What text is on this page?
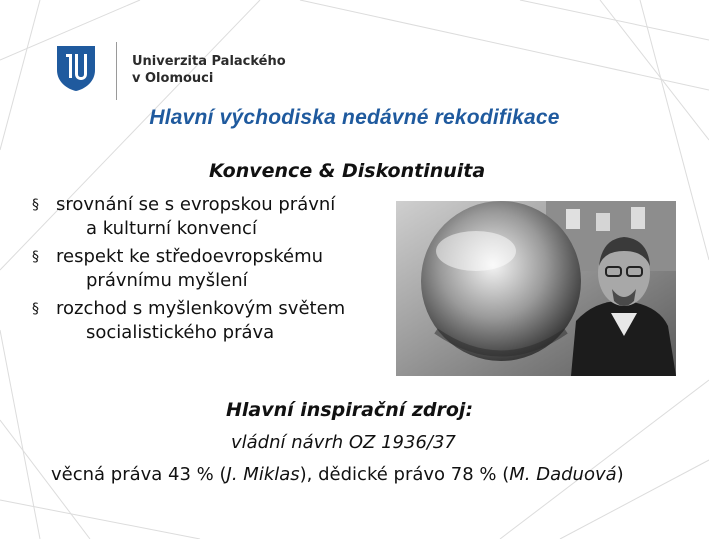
Univerzita Palackého
v Olomouci
Hlavní východiska nedávné rekodifikace
Konvence & Diskontinuita
§ srovnání se s evropskou právní
a kulturní konvencí
§ respekt ke středoevropskému
právnímu myšlení
§ rozchod s myšlenkovým světem
socialistického práva
Hlavní inspirační zdroj:
vládní návrh OZ 1936/37
věcná práva 43 % (J. Miklas), dědické právo 78 % (M. Daduová)
